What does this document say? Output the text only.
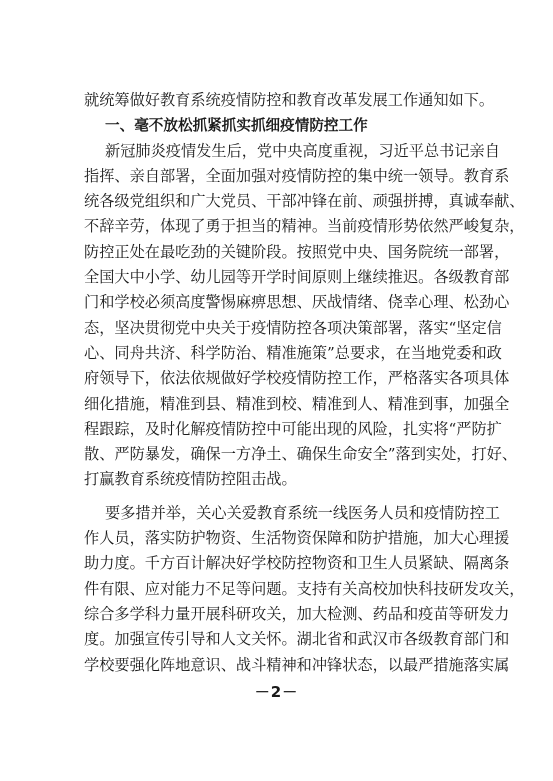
就统筹做好教育系统疫情防控和教育改革发展工作通知如下。
一、毫不放松抓紧抓实抓细疫情防控工作
新冠肺炎疫情发生后，党中央高度重视，习近平总书记亲自
指挥、亲自部署，全面加强对疫情防控的集中统一领导。教育系
统各级党组织和广大党员、干部冲锋在前、顽强拼搏，真诚奉献、
不辞辛劳，体现了勇于担当的精神。当前疫情形势依然严峻复杂，
防控正处在最吃劲的关键阶段。按照党中央、国务院统一部署，
全国大中小学、幼儿园等开学时间原则上继续推迟。各级教育部
门和学校必须高度警惕麻痹思想、厌战情绪、侥幸心理、松劲心
态，坚决贯彻党中央关于疫情防控各项决策部署，落实“坚定信
心、同舟共济、科学防治、精准施策”总要求，在当地党委和政
府领导下，依法依规做好学校疫情防控工作，严格落实各项具体
细化措施，精准到县、精准到校、精准到人、精准到事，加强全
程跟踪，及时化解疫情防控中可能出现的风险，扎实将“严防扩
散、严防暴发，确保一方净土、确保生命安全”落到实处，打好、
打赢教育系统疫情防控阻击战。
要多措并举，关心关爱教育系统一线医务人员和疫情防控工
作人员，落实防护物资、生活物资保障和防护措施，加大心理援
助力度。千方百计解决好学校防控物资和卫生人员紧缺、隔离条
件有限、应对能力不足等问题。支持有关高校加快科技研发攻关，
综合多学科力量开展科研攻关，加大检测、药品和疫苗等研发力
度。加强宣传引导和人文关怀。湖北省和武汉市各级教育部门和
学校要强化阵地意识、战斗精神和冲锋状态，以最严措施落实属
－2－
